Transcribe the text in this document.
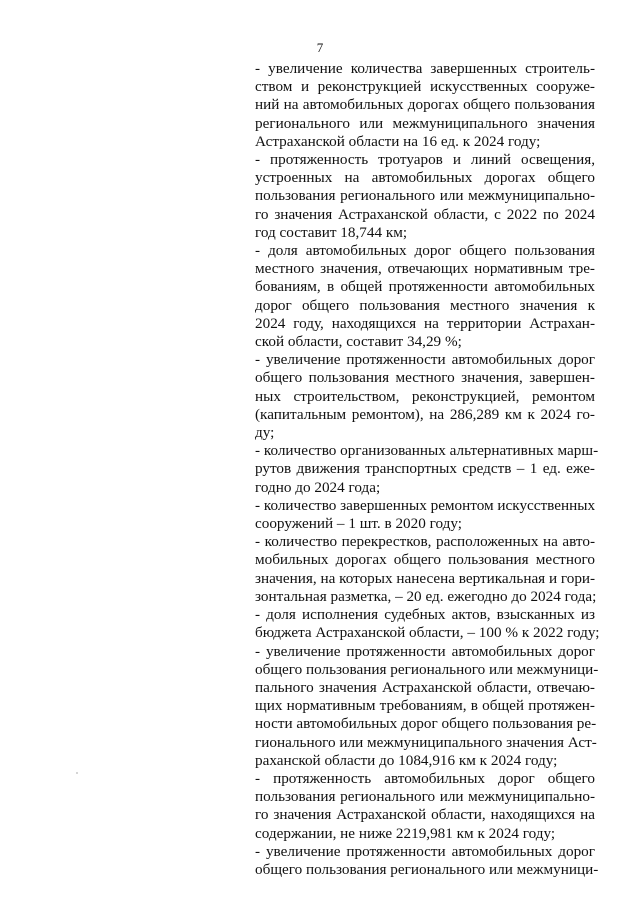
7

- увеличение количества завершенных строитель-
ством и реконструкцией искусственных сооруже-
ний на автомобильных дорогах общего пользования
регионального или межмуниципального значения
Астраханской области на 16 ед. к 2024 году;

- протяженность тротуаров и линий освещения,
устроенных на автомобильных дорогах общего
пользования регионального или межмуниципально-
го значения Астраханской области, с 2022 по 2024
год составит 18,744 км;

- доля автомобильных дорог общего пользования
местного значения, отвечающих нормативным тре-
бованиям, в общей протяженности автомобильных
дорог общего пользования местного значения к
2024 году, находящихся на территории Астрахан-
ской области, составит 34,29 %;

- увеличение протяженности автомобильных дорог
общего пользования местного значения, завершен-
ных строительством, реконструкцией, ремонтом
(капитальным ремонтом), на 286,289 км к 2024 го-
ду;

- количество организованных альтернативных марш-
рутов движения транспортных средств – 1 ед. еже-
годно до 2024 года;

- количество завершенных ремонтом искусственных
сооружений – 1 шт. в 2020 году;

- количество перекрестков, расположенных на авто-
мобильных дорогах общего пользования местного
значения, на которых нанесена вертикальная и гори-
зонтальная разметка, – 20 ед. ежегодно до 2024 года;

- доля исполнения судебных актов, взысканных из
бюджета Астраханской области, – 100 % к 2022 году;

- увеличение протяженности автомобильных дорог
общего пользования регионального или межмуници-
пального значения Астраханской области, отвечаю-
щих нормативным требованиям, в общей протяжен-
ности автомобильных дорог общего пользования ре-
гионального или межмуниципального значения Аст-
раханской области до 1084,916 км к 2024 году;

- протяженность автомобильных дорог общего
пользования регионального или межмуниципально-
го значения Астраханской области, находящихся на
содержании, не ниже 2219,981 км к 2024 году;

- увеличение протяженности автомобильных дорог
общего пользования регионального или межмуници-
